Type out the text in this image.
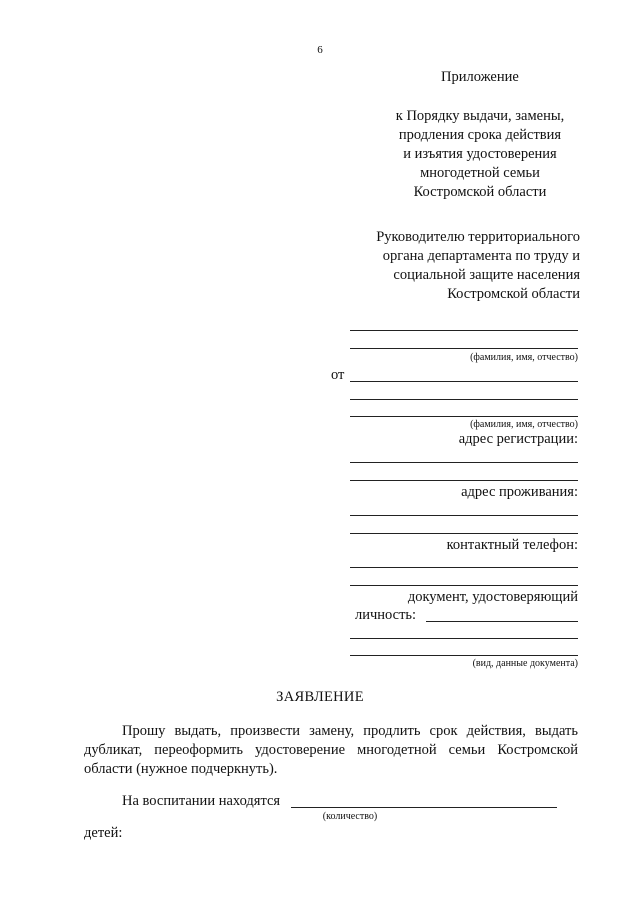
6
Приложение
к Порядку выдачи, замены,
продления срока действия
и изъятия удостоверения
многодетной семьи
Костромской области
Руководителю территориального
органа департамента по труду и
социальной защите населения
Костромской области
(фамилия, имя, отчество)
от
(фамилия, имя, отчество)
адрес регистрации:
адрес проживания:
контактный телефон:
документ, удостоверяющий
личность:
(вид, данные документа)
ЗАЯВЛЕНИЕ
Прошу выдать, произвести замену, продлить срок действия, выдать дубликат, переоформить удостоверение многодетной семьи Костромской области (нужное подчеркнуть).
На воспитании находятся
(количество)
детей:
